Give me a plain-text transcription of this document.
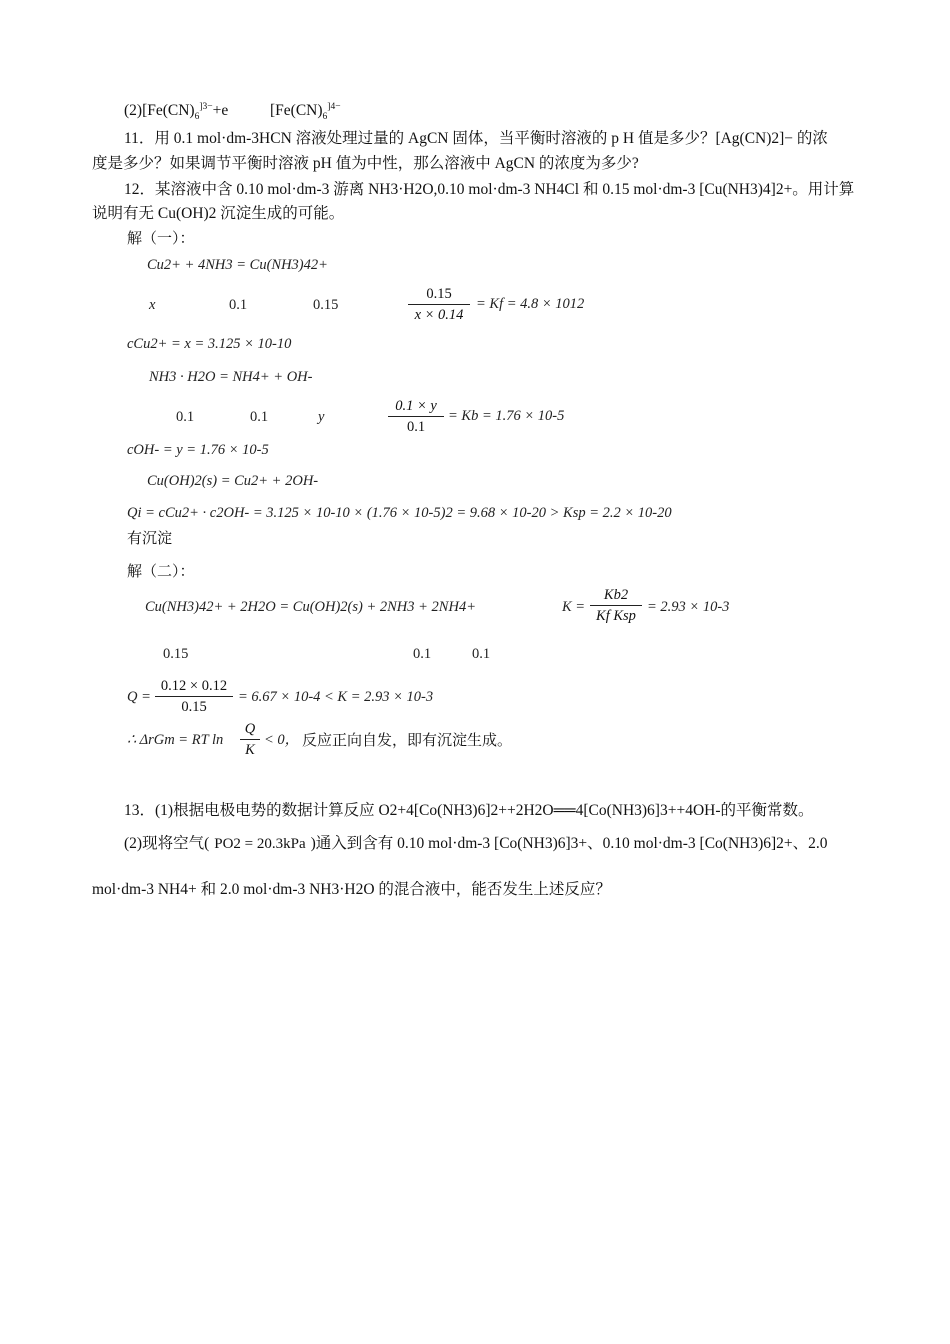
$(2)[Fe(CN)_6^{]3-}+e$	[$Fe(CN)_6^{]4-}$
11．用 0.1 mol·dm-3HCN 溶液处理过量的 AgCN 固体，当平衡时溶液的 p H 值是多少？[Ag(CN)2]− 的浓
度是多少？如果调节平衡时溶液 pH 值为中性，那么溶液中 AgCN 的浓度为多少?
12．某溶液中含 0.10 mol·dm-3 游离 NH3·H2O,0.10 mol·dm-3 NH4Cl 和 0.15 mol·dm-3 [Cu(NH3)4]2+。用计算
说明有无 Cu(OH)2 沉淀生成的可能。
解（一）：
Cu2+ + 4NH3 = Cu(NH3)42+
x	0.1	0.15
0.15
x × 0.14
= Kf = 4.8 × 1012
cCu2+ = x = 3.125 × 10-10
NH3 · H2O = NH4+ + OH-
0.1	0.1	y
0.1 × y
0.1
= Kb = 1.76 × 10-5
cOH- = y = 1.76 × 10-5
Cu(OH)2(s) = Cu2+ + 2OH-
Qi = cCu2+ · c2OH- = 3.125 × 10-10 × (1.76 × 10-5)2 = 9.68 × 10-20 > Ksp = 2.2 × 10-20
有沉淀
解（二）：
Cu(NH3)42+ + 2H2O = Cu(OH)2(s) + 2NH3 + 2NH4+	K =
Kb2
Kf Ksp
= 2.93 × 10-3
0.15	0.1	0.1
Q =
0.12 × 0.12
0.15
= 6.67 × 10-4 < K = 2.93 × 10-3
∴ ΔrGm = RT ln
Q
K
< 0， 反应正向自发，即有沉淀生成。
13．(1)根据电极电势的数据计算反应 O2+4[Co(NH3)6]2++2H2O══4[Co(NH3)6]3++4OH-的平衡常数。
(2)现将空气( PO2 = 20.3kPa )通入到含有 0.10 mol·dm-3 [Co(NH3)6]3+、0.10 mol·dm-3 [Co(NH3)6]2+、2.0
mol·dm-3 NH4+ 和 2.0 mol·dm-3 NH3·H2O 的混合液中，能否发生上述反应？
